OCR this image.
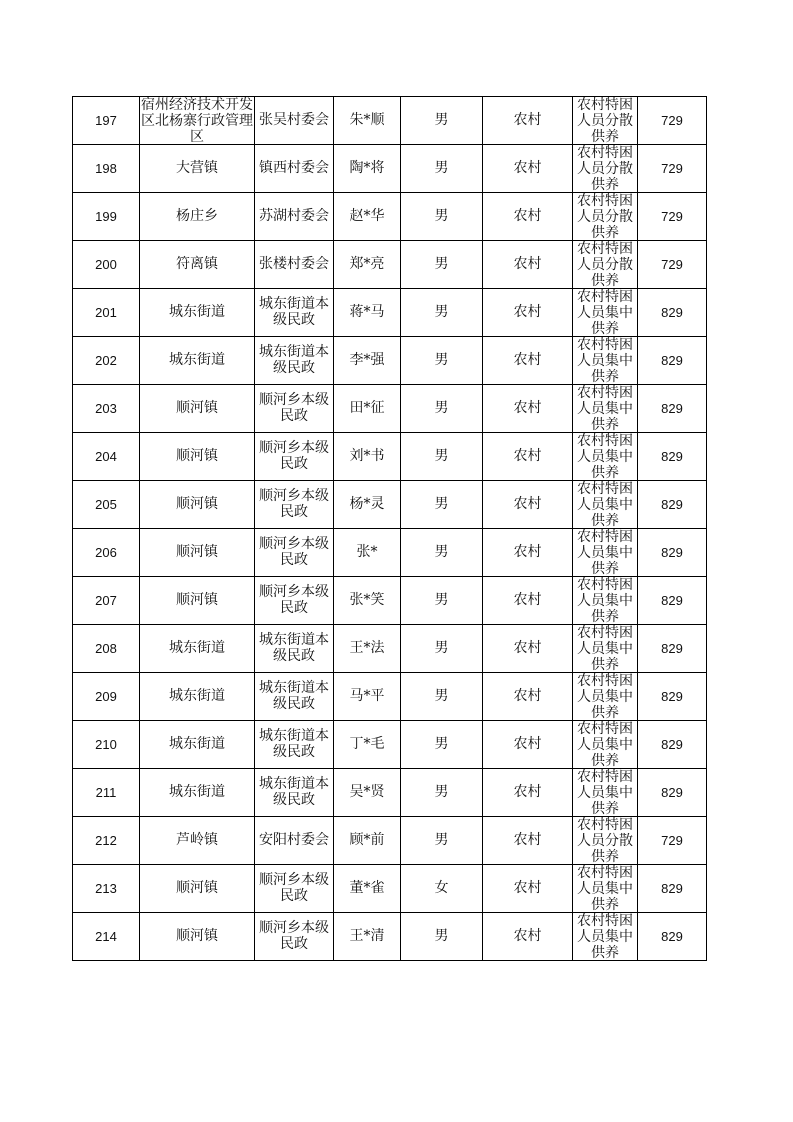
197	宿州经济技术开发区北杨寨行政管理区	张吴村委会	朱*顺	男	农村	农村特困人员分散供养	729
198	大营镇	镇西村委会	陶*将	男	农村	农村特困人员分散供养	729
199	杨庄乡	苏湖村委会	赵*华	男	农村	农村特困人员分散供养	729
200	符离镇	张楼村委会	郑*亮	男	农村	农村特困人员分散供养	729
201	城东街道	城东街道本级民政	蒋*马	男	农村	农村特困人员集中供养	829
202	城东街道	城东街道本级民政	李*强	男	农村	农村特困人员集中供养	829
203	顺河镇	顺河乡本级民政	田*征	男	农村	农村特困人员集中供养	829
204	顺河镇	顺河乡本级民政	刘*书	男	农村	农村特困人员集中供养	829
205	顺河镇	顺河乡本级民政	杨*灵	男	农村	农村特困人员集中供养	829
206	顺河镇	顺河乡本级民政	张*	男	农村	农村特困人员集中供养	829
207	顺河镇	顺河乡本级民政	张*笑	男	农村	农村特困人员集中供养	829
208	城东街道	城东街道本级民政	王*法	男	农村	农村特困人员集中供养	829
209	城东街道	城东街道本级民政	马*平	男	农村	农村特困人员集中供养	829
210	城东街道	城东街道本级民政	丁*毛	男	农村	农村特困人员集中供养	829
211	城东街道	城东街道本级民政	吴*贤	男	农村	农村特困人员集中供养	829
212	芦岭镇	安阳村委会	顾*前	男	农村	农村特困人员分散供养	729
213	顺河镇	顺河乡本级民政	董*雀	女	农村	农村特困人员集中供养	829
214	顺河镇	顺河乡本级民政	王*清	男	农村	农村特困人员集中供养	829
